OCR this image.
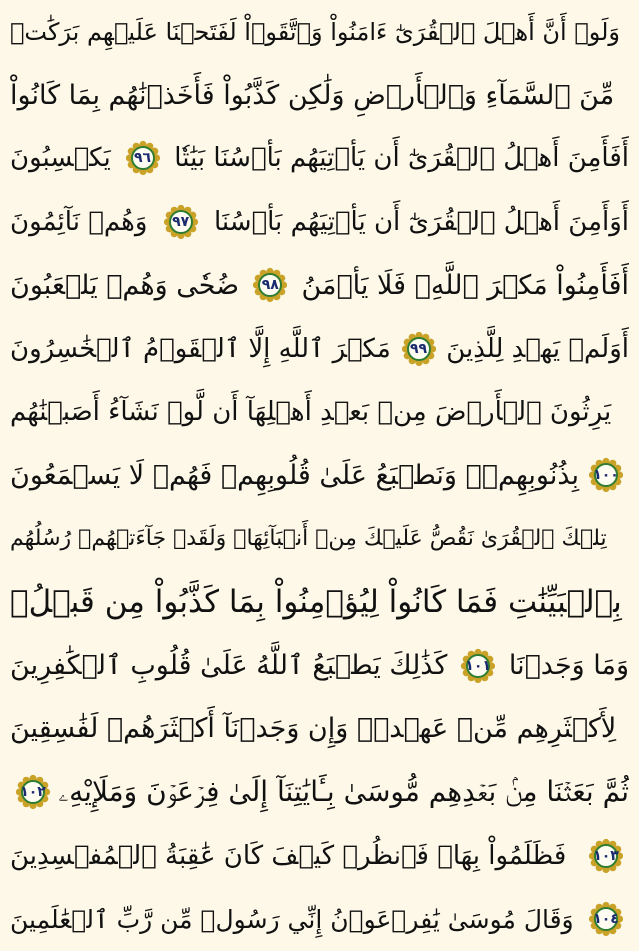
وَلَوۡ أَنَّ أَهۡلَ ٱلۡقُرَىٰٓ ءَامَنُواْ وَٱتَّقَوۡاْ لَفَتَحۡنَا عَلَيۡهِم بَرَكَٰتٖ
مِّنَ ٱلسَّمَآءِ وَٱلۡأَرۡضِ وَلَٰكِن كَذَّبُواْ فَأَخَذۡنَٰهُم بِمَا كَانُواْ
يَكۡسِبُونَ ٩٦ أَفَأَمِنَ أَهۡلُ ٱلۡقُرَىٰٓ أَن يَأۡتِيَهُم بَأۡسُنَا بَيَٰتٗا
وَهُمۡ نَآئِمُونَ ٩٧ أَوَأَمِنَ أَهۡلُ ٱلۡقُرَىٰٓ أَن يَأۡتِيَهُم بَأۡسُنَا
ضُحٗى وَهُمۡ يَلۡعَبُونَ ٩٨ أَفَأَمِنُواْ مَكۡرَ ٱللَّهِۚ فَلَا يَأۡمَنُ
مَكۡرَ ٱللَّهِ إِلَّا ٱلۡقَوۡمُ ٱلۡخَٰسِرُونَ ٩٩ أَوَلَمۡ يَهۡدِ لِلَّذِينَ
يَرِثُونَ ٱلۡأَرۡضَ مِنۢ بَعۡدِ أَهۡلِهَآ أَن لَّوۡ نَشَآءُ أَصَبۡنَٰهُم
بِذُنُوبِهِمۡۚ وَنَطۡبَعُ عَلَىٰ قُلُوبِهِمۡ فَهُمۡ لَا يَسۡمَعُونَ ١٠٠
تِلۡكَ ٱلۡقُرَىٰ نَقُصُّ عَلَيۡكَ مِنۡ أَنۢبَآئِهَاۚ وَلَقَدۡ جَآءَتۡهُمۡ رُسُلُهُم
بِٱلۡبَيِّنَٰتِ فَمَا كَانُواْ لِيُؤۡمِنُواْ بِمَا كَذَّبُواْ مِن قَبۡلُۚ
كَذَٰلِكَ يَطۡبَعُ ٱللَّهُ عَلَىٰ قُلُوبِ ٱلۡكَٰفِرِينَ ١٠١ وَمَا وَجَدۡنَا
لِأَكۡثَرِهِم مِّنۡ عَهۡدٖۖ وَإِن وَجَدۡنَآ أَكۡثَرَهُمۡ لَفَٰسِقِينَ
١٠٢ ثُمَّ بَعَثۡنَا مِنۢ بَعۡدِهِم مُّوسَىٰ بِـَٔايَٰتِنَآ إِلَىٰ فِرۡعَوۡنَ وَمَلَإِيْهِۦ
فَظَلَمُواْ بِهَاۖ فَٱنظُرۡ كَيۡفَ كَانَ عَٰقِبَةُ ٱلۡمُفۡسِدِينَ ١٠٣
وَقَالَ مُوسَىٰ يَٰفِرۡعَوۡنُ إِنِّي رَسُولٞ مِّن رَّبِّ ٱلۡعَٰلَمِينَ ١٠٤
